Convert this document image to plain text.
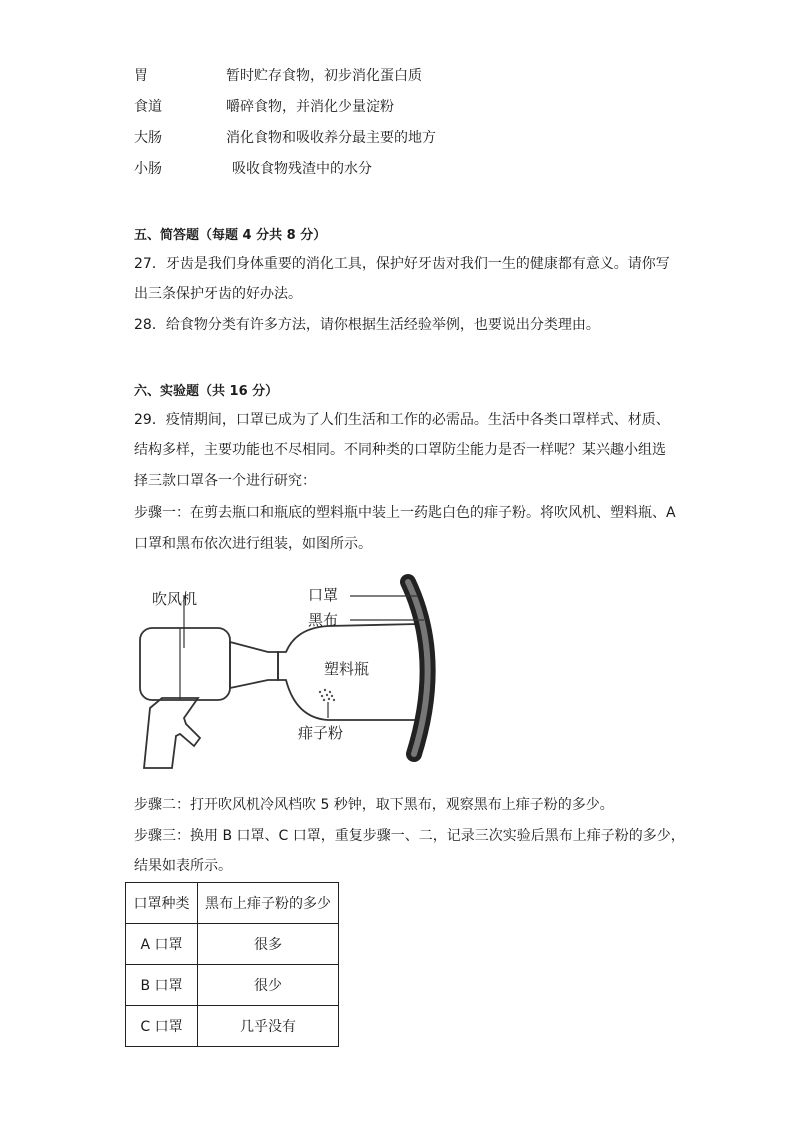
胃	暂时贮存食物，初步消化蛋白质
食道	嚼碎食物，并消化少量淀粉
大肠	消化食物和吸收养分最主要的地方
小肠	吸收食物残渣中的水分
五、简答题（每题 4 分共 8 分）
27．牙齿是我们身体重要的消化工具，保护好牙齿对我们一生的健康都有意义。请你写
出三条保护牙齿的好办法。
28．给食物分类有许多方法，请你根据生活经验举例，也要说出分类理由。
六、实验题（共 16 分）
29．疫情期间，口罩已成为了人们生活和工作的必需品。生活中各类口罩样式、材质、
结构多样，主要功能也不尽相同。不同种类的口罩防尘能力是否一样呢？某兴趣小组选
择三款口罩各一个进行研究：
步骤一：在剪去瓶口和瓶底的塑料瓶中装上一药匙白色的痱子粉。将吹风机、塑料瓶、A
口罩和黑布依次进行组装，如图所示。
吹风机	口罩
黑布
塑料瓶
痱子粉
步骤二：打开吹风机冷风档吹 5 秒钟，取下黑布，观察黑布上痱子粉的多少。
步骤三：换用 B 口罩、C 口罩，重复步骤一、二，记录三次实验后黑布上痱子粉的多少，
结果如表所示。
口罩种类	黑布上痱子粉的多少
A 口罩	很多
B 口罩	很少
C 口罩	几乎没有
